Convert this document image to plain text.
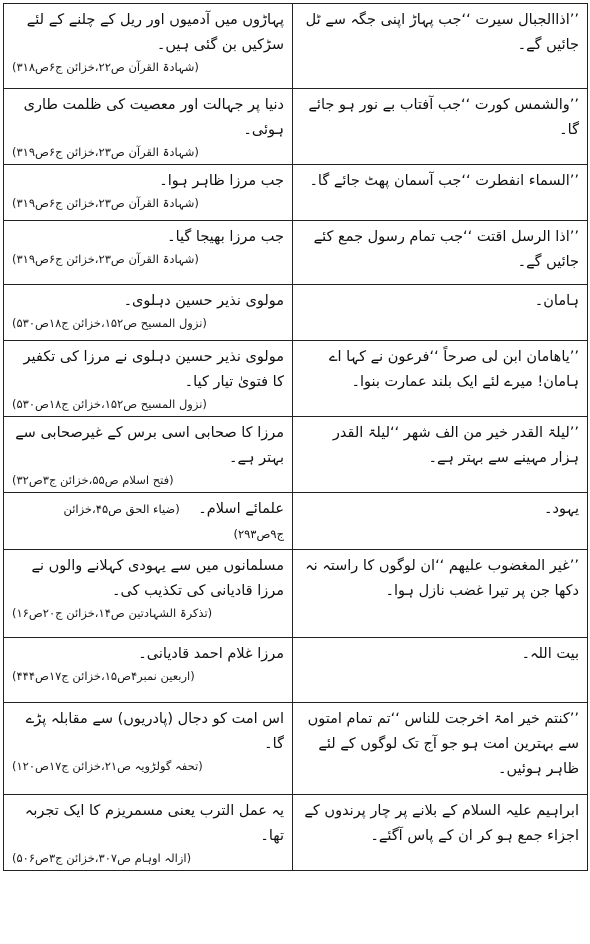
’’اذاالجبال سیرت ‘‘جب پہاڑ اپنی جگہ سے ٹل جائیں گے۔	پہاڑوں میں آدمیوں اور ریل کے چلنے کے لئے سڑکیں بن گئی ہیں۔
(شہادۃ القرآن ص۲۲،خزائن ج۶ص۳۱۸)

’’والشمس کورت ‘‘جب آفتاب بے نور ہو جائے گا۔	دنیا پر جہالت اور معصیت کی ظلمت طاری ہوئی۔
(شہادۃ القرآن ص۲۳،خزائن ج۶ص۳۱۹)

’’السماء انفطرت ‘‘جب آسمان پھٹ جائے گا۔	جب مرزا ظاہر ہوا۔
(شہادۃ القرآن ص۲۳،خزائن ج۶ص۳۱۹)

’’اذا الرسل اقتت ‘‘جب تمام رسول جمع کئے جائیں گے۔	جب مرزا بھیجا گیا۔
(شہادۃ القرآن ص۲۳،خزائن ج۶ص۳۱۹)

ہامان۔	مولوی نذیر حسین دہلوی۔
(نزول المسیح ص۱۵۲،خزائن ج۱۸ص۵۳۰)

’’یاھامان ابن لی صرحاً ‘‘فرعون نے کہا اے ہامان! میرے لئے ایک بلند عمارت بنوا۔	مولوی نذیر حسین دہلوی نے مرزا کی تکفیر کا فتویٰ تیار کیا۔
(نزول المسیح ص۱۵۲،خزائن ج۱۸ص۵۳۰)

’’لیلۃ القدر خیر من الف شھر ‘‘لیلۃ القدر ہزار مہینے سے بہتر ہے۔	مرزا کا صحابی اسی برس کے غیرصحابی سے بہتر ہے۔
(فتح اسلام ص۵۵،خزائن ج۳ص۳۲)

یہود۔	علمائے اسلام۔ (ضیاء الحق ص۴۵،خزائن ج۹ص۲۹۳)
’’غیر المغضوب علیھم ‘‘ان لوگوں کا راستہ نہ دکھا جن پر تیرا غضب نازل ہوا۔	مسلمانوں میں سے یہودی کہلانے والوں نے مرزا قادیانی کی تکذیب کی۔
(تذکرۃ الشہادتین ص۱۴،خزائن ج۲۰ص۱۶)

بیت اللہ۔	مرزا غلام احمد قادیانی۔
(اربعین نمبر۴ص۱۵،خزائن ج۱۷ص۴۴۴)

’’کنتم خیر امۃ اخرجت للناس ‘‘تم تمام امتوں سے بہترین امت ہو جو آج تک لوگوں کے لئے ظاہر ہوئیں۔	اس امت کو دجال (پادریوں) سے مقابلہ پڑے گا۔
(تحفہ گولڑویہ ص۲۱،خزائن ج۱۷ص۱۲۰)

ابراہیم علیہ السلام کے بلانے پر چار پرندوں کے اجزاء جمع ہو کر ان کے پاس آگئے۔	یہ عمل الترب یعنی مسمریزم کا ایک تجربہ تھا۔
(ازالہ اوہام ص۳۰۷،خزائن ج۳ص۵۰۶)
